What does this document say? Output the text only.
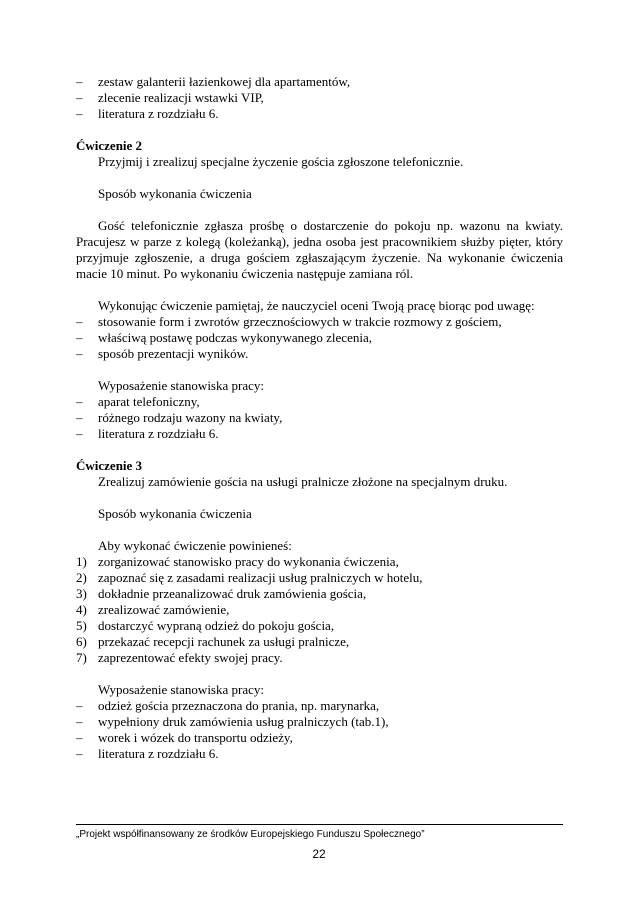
– zestaw galanterii łazienkowej dla apartamentów,
– zlecenie realizacji wstawki VIP,
– literatura z rozdziału 6.
Ćwiczenie 2
Przyjmij i zrealizuj specjalne życzenie gościa zgłoszone telefonicznie.
Sposób wykonania ćwiczenia
Gość telefonicznie zgłasza prośbę o dostarczenie do pokoju np. wazonu na kwiaty. Pracujesz w parze z kolegą (koleżanką), jedna osoba jest pracownikiem służby pięter, który przyjmuje zgłoszenie, a druga gościem zgłaszającym życzenie. Na wykonanie ćwiczenia macie 10 minut. Po wykonaniu ćwiczenia następuje zamiana ról.
Wykonując ćwiczenie pamiętaj, że nauczyciel oceni Twoją pracę biorąc pod uwagę:
– stosowanie form i zwrotów grzecznościowych w trakcie rozmowy z gościem,
– właściwą postawę podczas wykonywanego zlecenia,
– sposób prezentacji wyników.
Wyposażenie stanowiska pracy:
– aparat telefoniczny,
– różnego rodzaju wazony na kwiaty,
– literatura z rozdziału 6.
Ćwiczenie 3
Zrealizuj zamówienie gościa na usługi pralnicze złożone na specjalnym druku.
Sposób wykonania ćwiczenia
Aby wykonać ćwiczenie powinieneś:
1) zorganizować stanowisko pracy do wykonania ćwiczenia,
2) zapoznać się z zasadami realizacji usług pralniczych w hotelu,
3) dokładnie przeanalizować druk zamówienia gościa,
4) zrealizować zamówienie,
5) dostarczyć wypraną odzież do pokoju gościa,
6) przekazać recepcji rachunek za usługi pralnicze,
7) zaprezentować efekty swojej pracy.
Wyposażenie stanowiska pracy:
– odzież gościa przeznaczona do prania, np. marynarka,
– wypełniony druk zamówienia usług pralniczych (tab.1),
– worek i wózek do transportu odzieży,
– literatura z rozdziału 6.
„Projekt współfinansowany ze środków Europejskiego Funduszu Społecznego”
22
